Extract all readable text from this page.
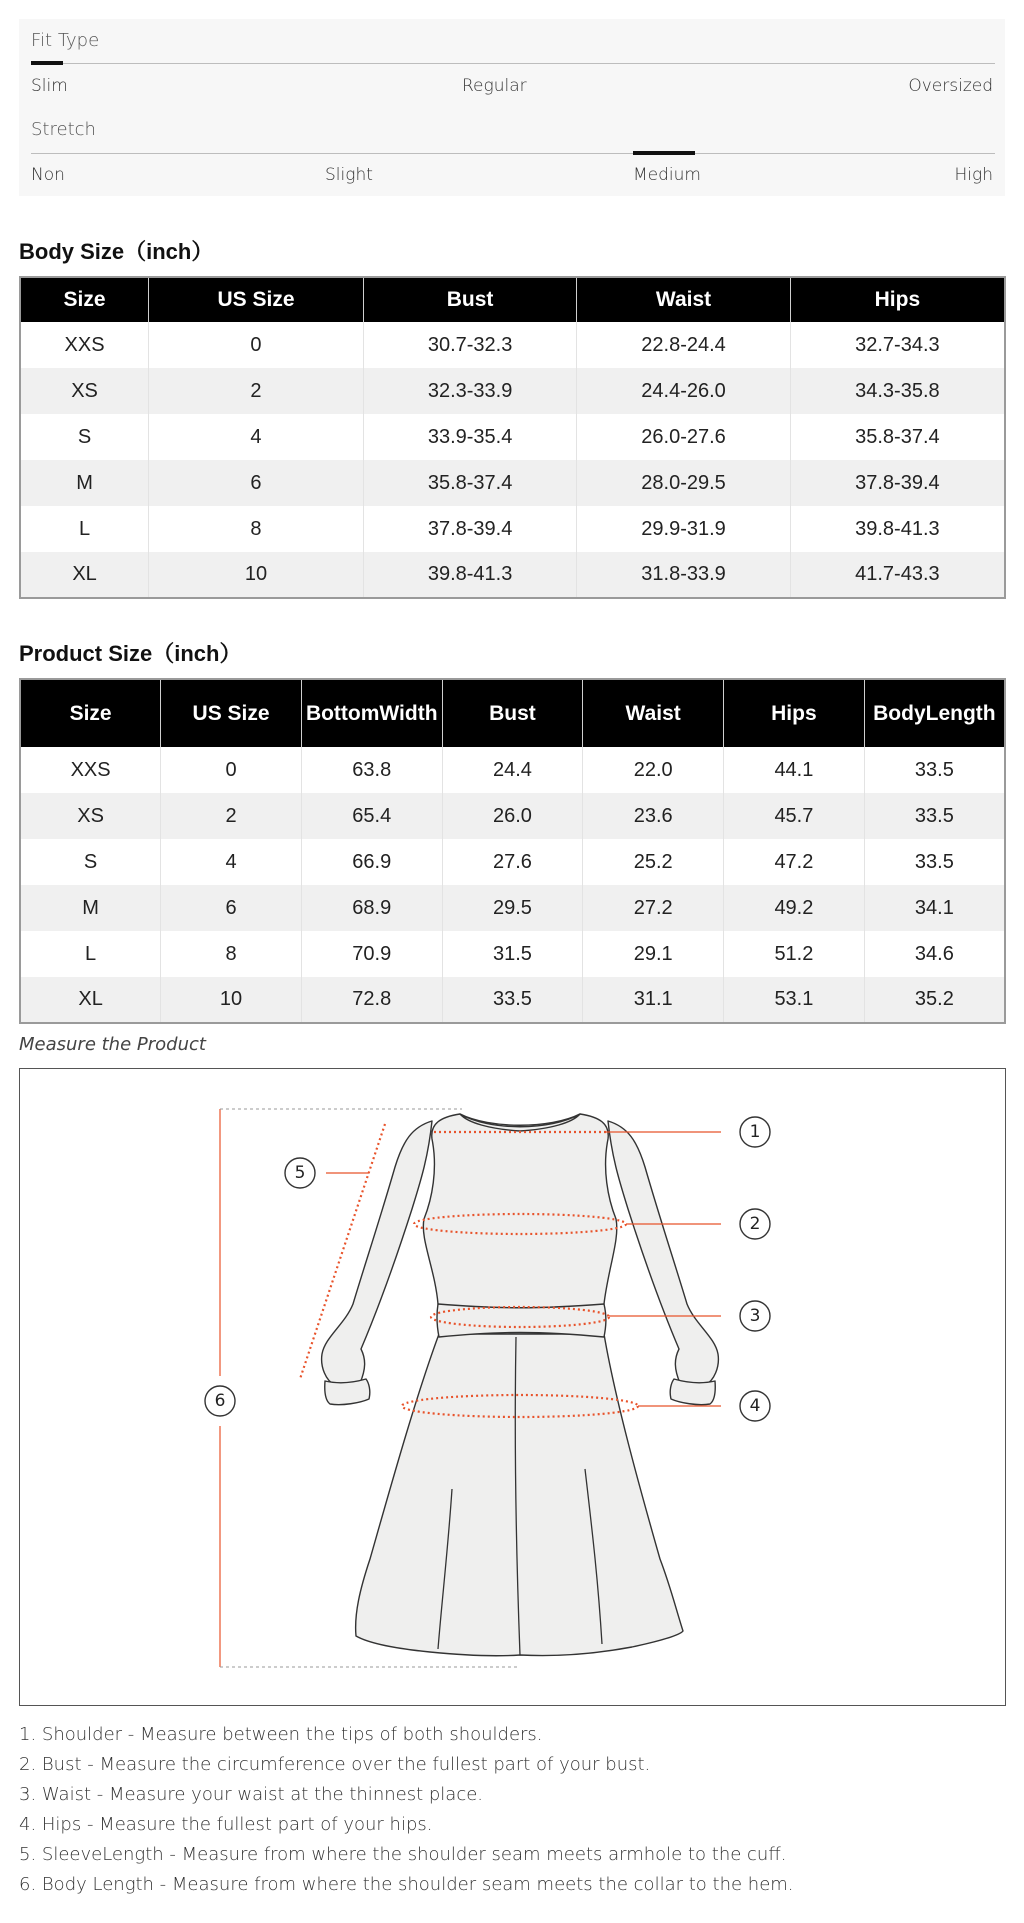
Fit Type
Slim	Regular	Oversized
Stretch
Non	Slight	Medium	High
Body Size（inch）
Size	US Size	Bust	Waist	Hips
XXS	0	30.7-32.3	22.8-24.4	32.7-34.3
XS	2	32.3-33.9	24.4-26.0	34.3-35.8
S	4	33.9-35.4	26.0-27.6	35.8-37.4
M	6	35.8-37.4	28.0-29.5	37.8-39.4
L	8	37.8-39.4	29.9-31.9	39.8-41.3
XL	10	39.8-41.3	31.8-33.9	41.7-43.3
Product Size（inch）
Size	US Size	BottomWidth	Bust	Waist	Hips	BodyLength
XXS	0	63.8	24.4	22.0	44.1	33.5
XS	2	65.4	26.0	23.6	45.7	33.5
S	4	66.9	27.6	25.2	47.2	33.5
M	6	68.9	29.5	27.2	49.2	34.1
L	8	70.9	31.5	29.1	51.2	34.6
XL	10	72.8	33.5	31.1	53.1	35.2
Measure the Product
1
2
3
4
5
6
1. Shoulder - Measure between the tips of both shoulders.
2. Bust - Measure the circumference over the fullest part of your bust.
3. Waist - Measure your waist at the thinnest place.
4. Hips - Measure the fullest part of your hips.
5. SleeveLength - Measure from where the shoulder seam meets armhole to the cuff.
6. Body Length - Measure from where the shoulder seam meets the collar to the hem.
